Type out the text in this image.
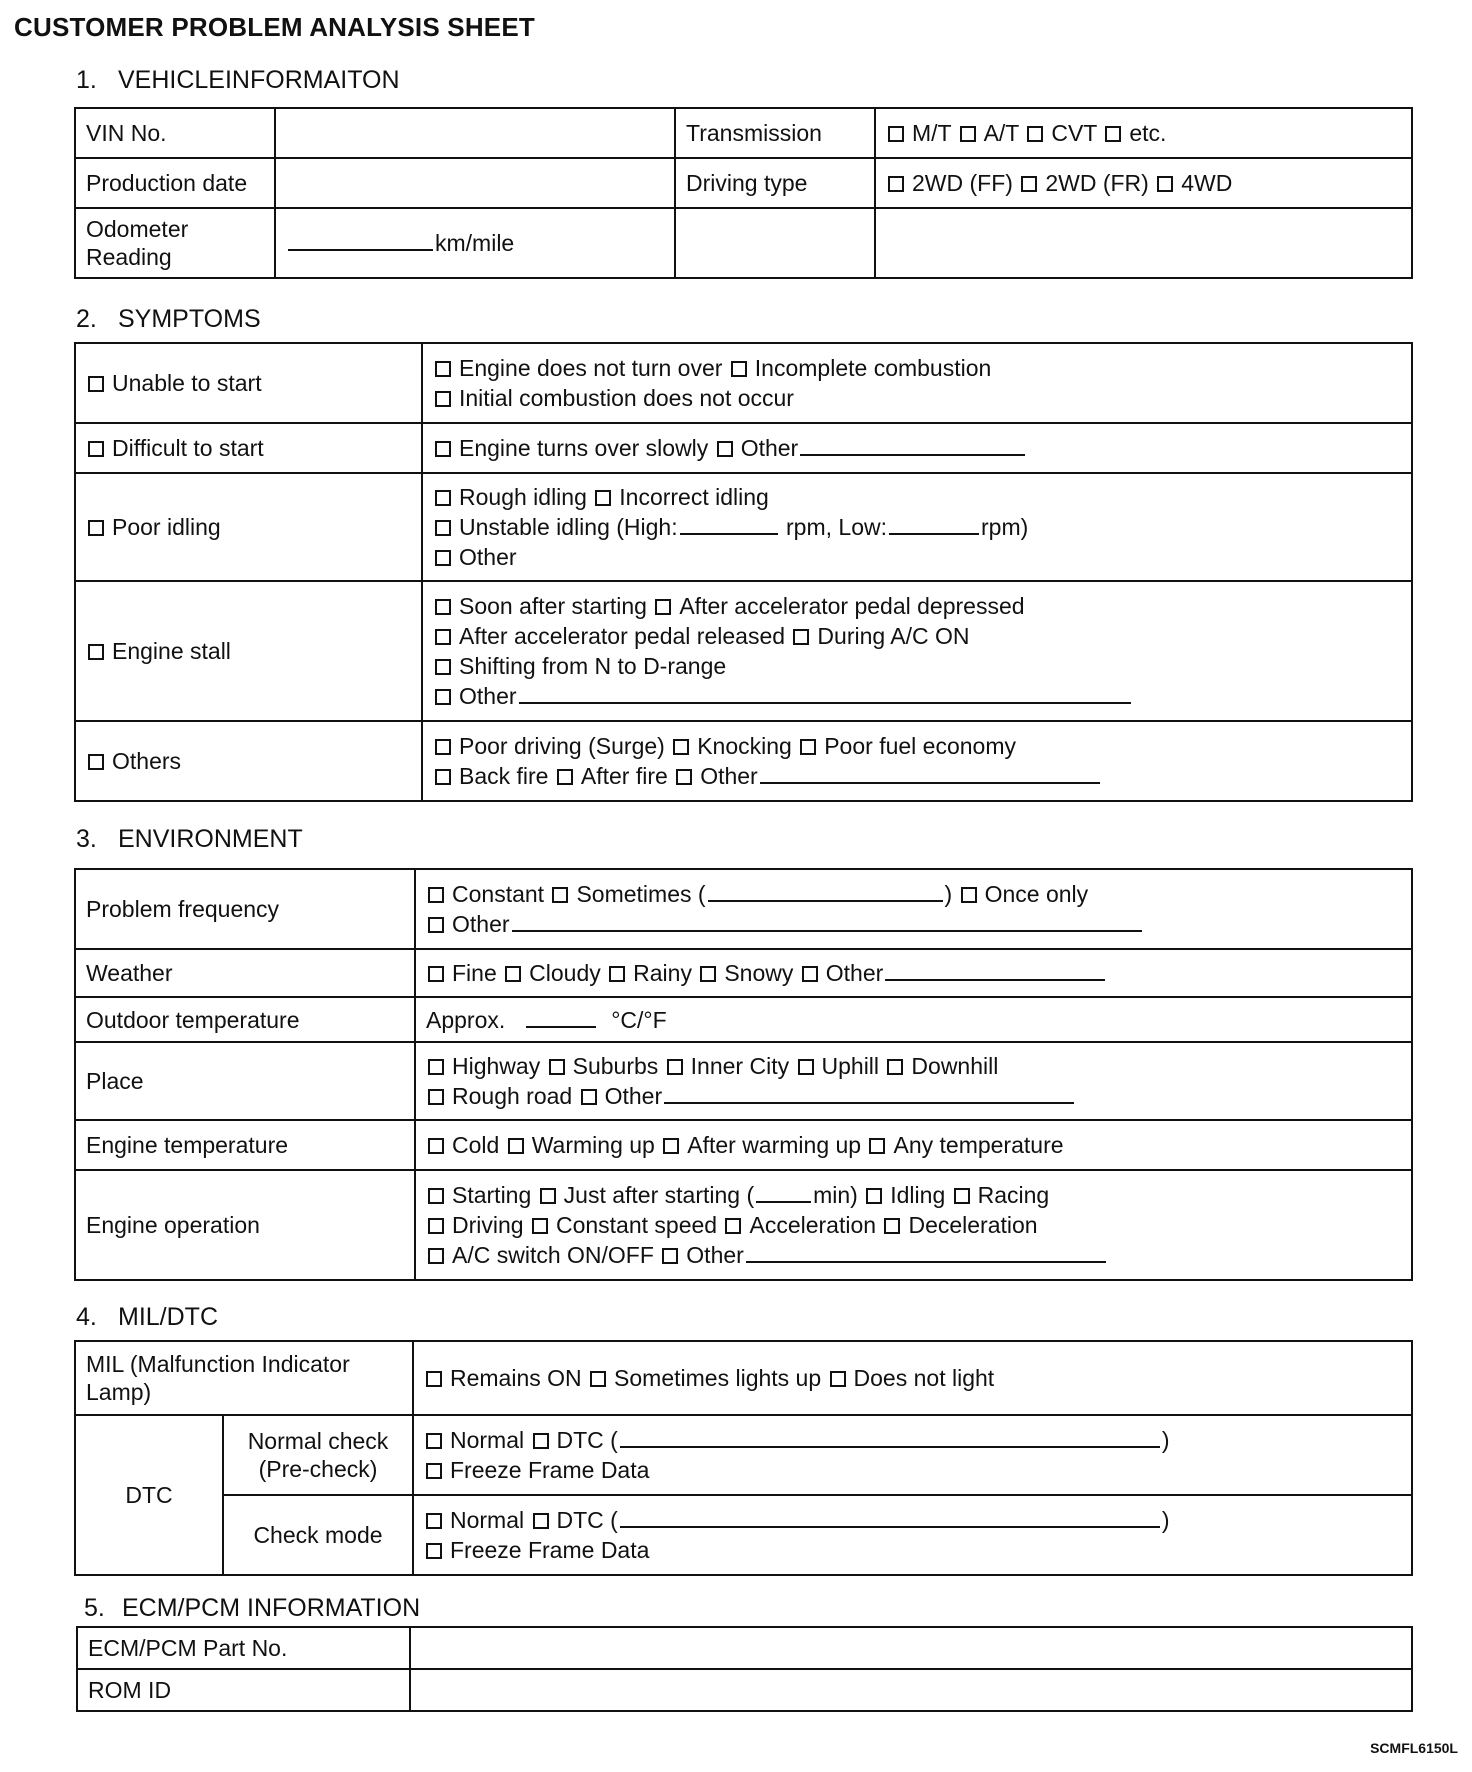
CUSTOMER PROBLEM ANALYSIS SHEET
1. VEHICLEINFORMAITON
VIN No.		Transmission	M/T A/T CVT etc.
Production date		Driving type	2WD (FF) 2WD (FR) 4WD
Odometer Reading	km/mile		
2. SYMPTOMS
Unable to start	Engine does not turn over Incomplete combustion
Initial combustion does not occur

Difficult to start	Engine turns over slowly Other

Poor idling	Rough idling Incorrect idling
Unstable idling (High: rpm, Low: rpm)
Other

Engine stall	Soon after starting After accelerator pedal depressed
After accelerator pedal released During A/C ON
Shifting from N to D-range
Other

Others	Poor driving (Surge) Knocking Poor fuel economy
Back fire After fire Other
3. ENVIRONMENT
Problem frequency	Constant Sometimes ( ) Once only
Other

Weather	Fine Cloudy Rainy Snowy Other

Outdoor temperature	Approx. °C/°F

Place	Highway Suburbs Inner City Uphill Downhill
Rough road Other

Engine temperature	Cold Warming up After warming up Any temperature

Engine operation	Starting Just after starting ( min) Idling Racing
Driving Constant speed Acceleration Deceleration
A/C switch ON/OFF Other
4. MIL/DTC
MIL (Malfunction Indicator Lamp)		Remains ON Sometimes lights up Does not light

DTC	Normal check (Pre-check)	Normal DTC ( )
Freeze Frame Data

	Check mode	Normal DTC ( )
Freeze Frame Data
5. ECM/PCM INFORMATION
ECM/PCM Part No.	
ROM ID	
SCMFL6150L
